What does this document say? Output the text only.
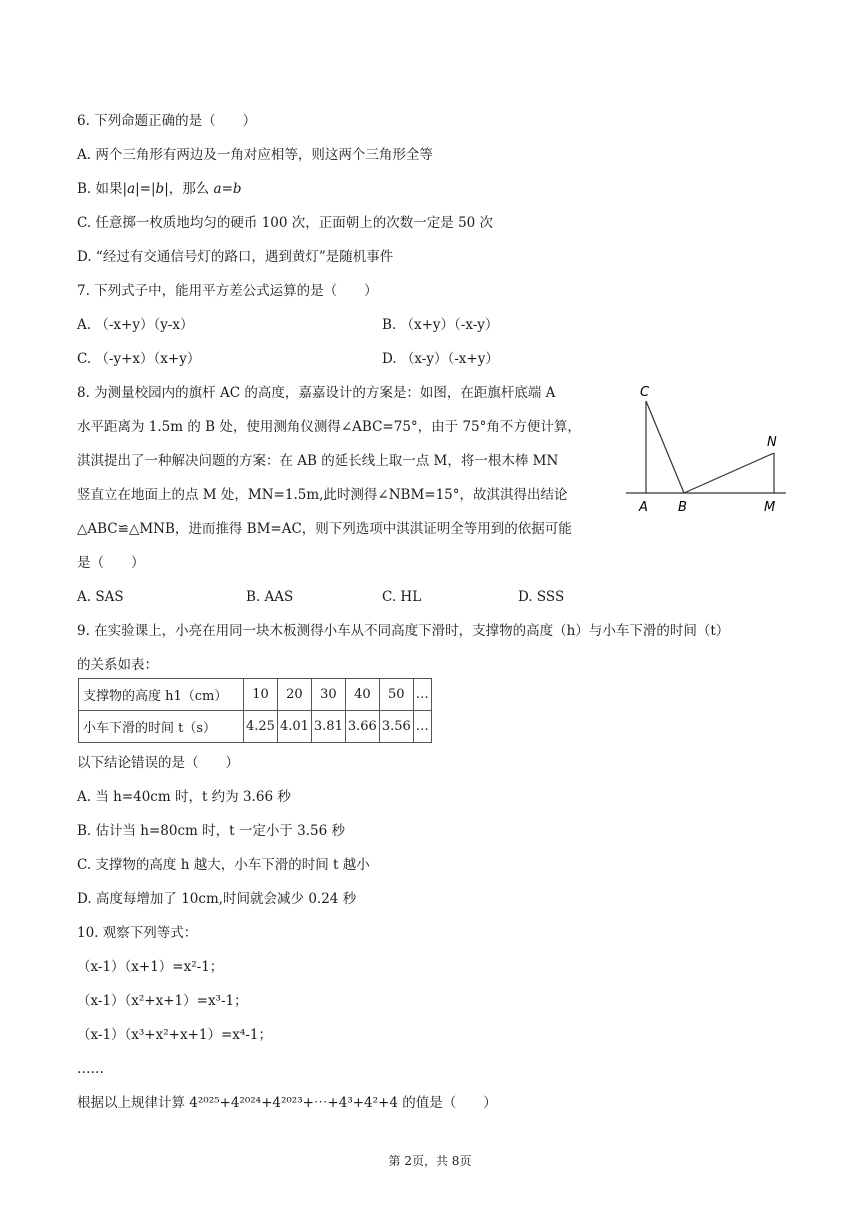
6. 下列命题正确的是（　　）
A. 两个三角形有两边及一角对应相等，则这两个三角形全等
B. 如果|a|=|b|，那么 a=b
C. 任意掷一枚质地均匀的硬币 100 次，正面朝上的次数一定是 50 次
D. “经过有交通信号灯的路口，遇到黄灯”是随机事件
7. 下列式子中，能用平方差公式运算的是（　　）
A. （-x+y）（y-x）	B. （x+y）（-x-y）
C. （-y+x）（x+y）	D. （x-y）（-x+y）
8. 为测量校园内的旗杆 AC 的高度，嘉嘉设计的方案是：如图，在距旗杆底端 A
水平距离为 1.5m 的 B 处，使用测角仪测得∠ABC=75°，由于 75°角不方便计算，
淇淇提出了一种解决问题的方案：在 AB 的延长线上取一点 M，将一根木棒 MN
竖直立在地面上的点 M 处，MN=1.5m,此时测得∠NBM=15°，故淇淇得出结论
△ABC≌△MNB，进而推得 BM=AC，则下列选项中淇淇证明全等用到的依据可能
是（　　）
A. SAS	B. AAS	C. HL	D. SSS
C
N
A B	M
9. 在实验课上，小亮在用同一块木板测得小车从不同高度下滑时，支撑物的高度（h）与小车下滑的时间（t）
的关系如表：
支撑物的高度 h1（cm）	10	20	30	40	50	…
小车下滑的时间 t（s）	4.25	4.01	3.81	3.66	3.56	…
以下结论错误的是（　　）
A. 当 h=40cm 时，t 约为 3.66 秒
B. 估计当 h=80cm 时，t 一定小于 3.56 秒
C. 支撑物的高度 h 越大，小车下滑的时间 t 越小
D. 高度每增加了 10cm,时间就会减少 0.24 秒
10. 观察下列等式：
（x-1）（x+1）=x²-1；
（x-1）（x²+x+1）=x³-1；
（x-1）（x³+x²+x+1）=x⁴-1；
……
根据以上规律计算 4²⁰²⁵+4²⁰²⁴+4²⁰²³+⋯+4³+4²+4 的值是（　　）
第 2页，共 8页
